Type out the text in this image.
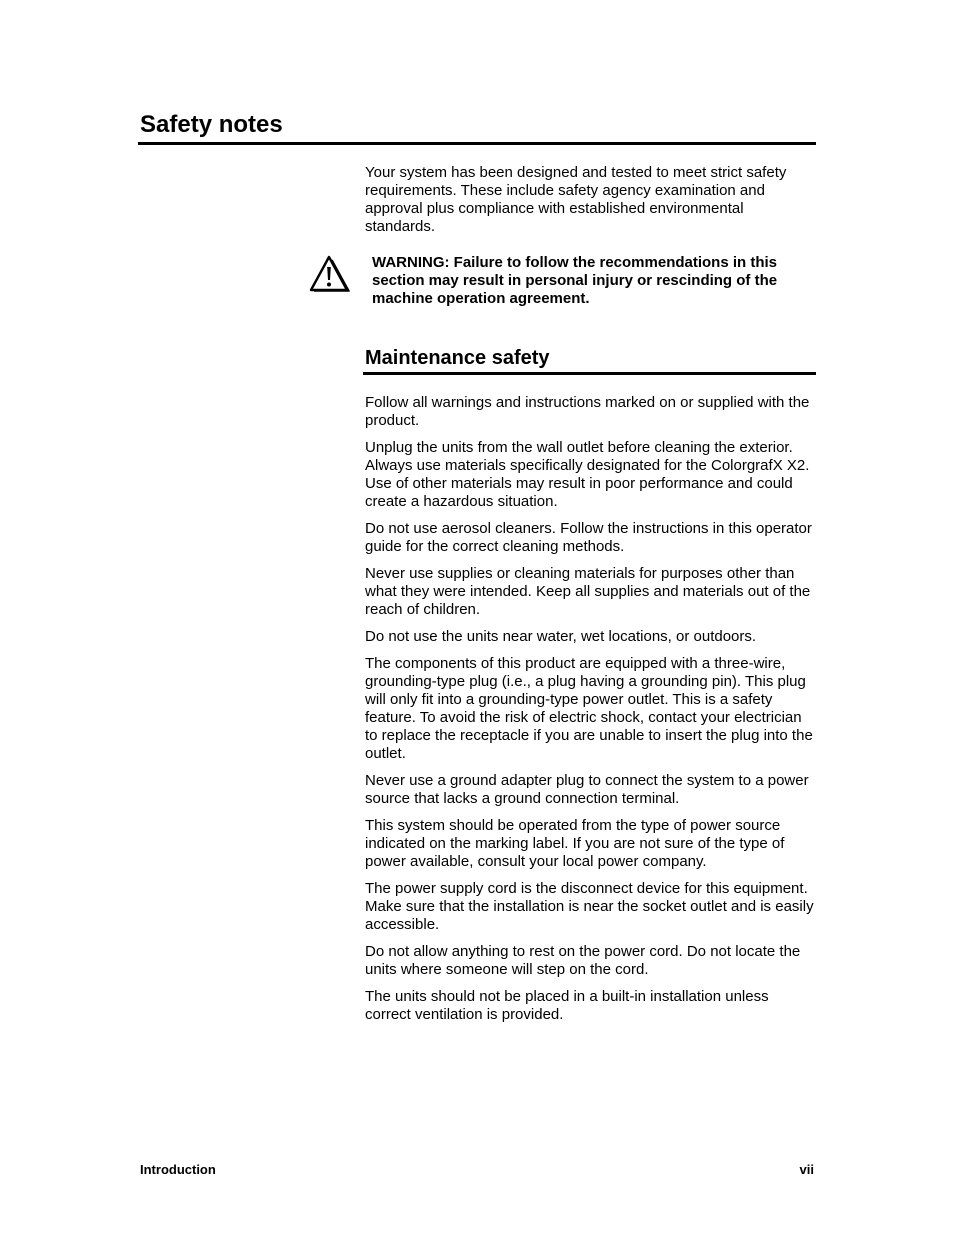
Safety notes

Your system has been designed and tested to meet strict safety requirements. These include safety agency examination and approval plus compliance with established environmental standards.

WARNING: Failure to follow the recommendations in this section may result in personal injury or rescinding of the machine operation agreement.

Maintenance safety

Follow all warnings and instructions marked on or supplied with the product.

Unplug the units from the wall outlet before cleaning the exterior. Always use materials specifically designated for the ColorgrafX X2. Use of other materials may result in poor performance and could create a hazardous situation.

Do not use aerosol cleaners. Follow the instructions in this operator guide for the correct cleaning methods.

Never use supplies or cleaning materials for purposes other than what they were intended. Keep all supplies and materials out of the reach of children.

Do not use the units near water, wet locations, or outdoors.

The components of this product are equipped with a three-wire, grounding-type plug (i.e., a plug having a grounding pin). This plug will only fit into a grounding-type power outlet. This is a safety feature. To avoid the risk of electric shock, contact your electrician to replace the receptacle if you are unable to insert the plug into the outlet.

Never use a ground adapter plug to connect the system to a power source that lacks a ground connection terminal.

This system should be operated from the type of power source indicated on the marking label. If you are not sure of the type of power available, consult your local power company.

The power supply cord is the disconnect device for this equipment. Make sure that the installation is near the socket outlet and is easily accessible.

Do not allow anything to rest on the power cord. Do not locate the units where someone will step on the cord.

The units should not be placed in a built-in installation unless correct ventilation is provided.

Introduction	vii
